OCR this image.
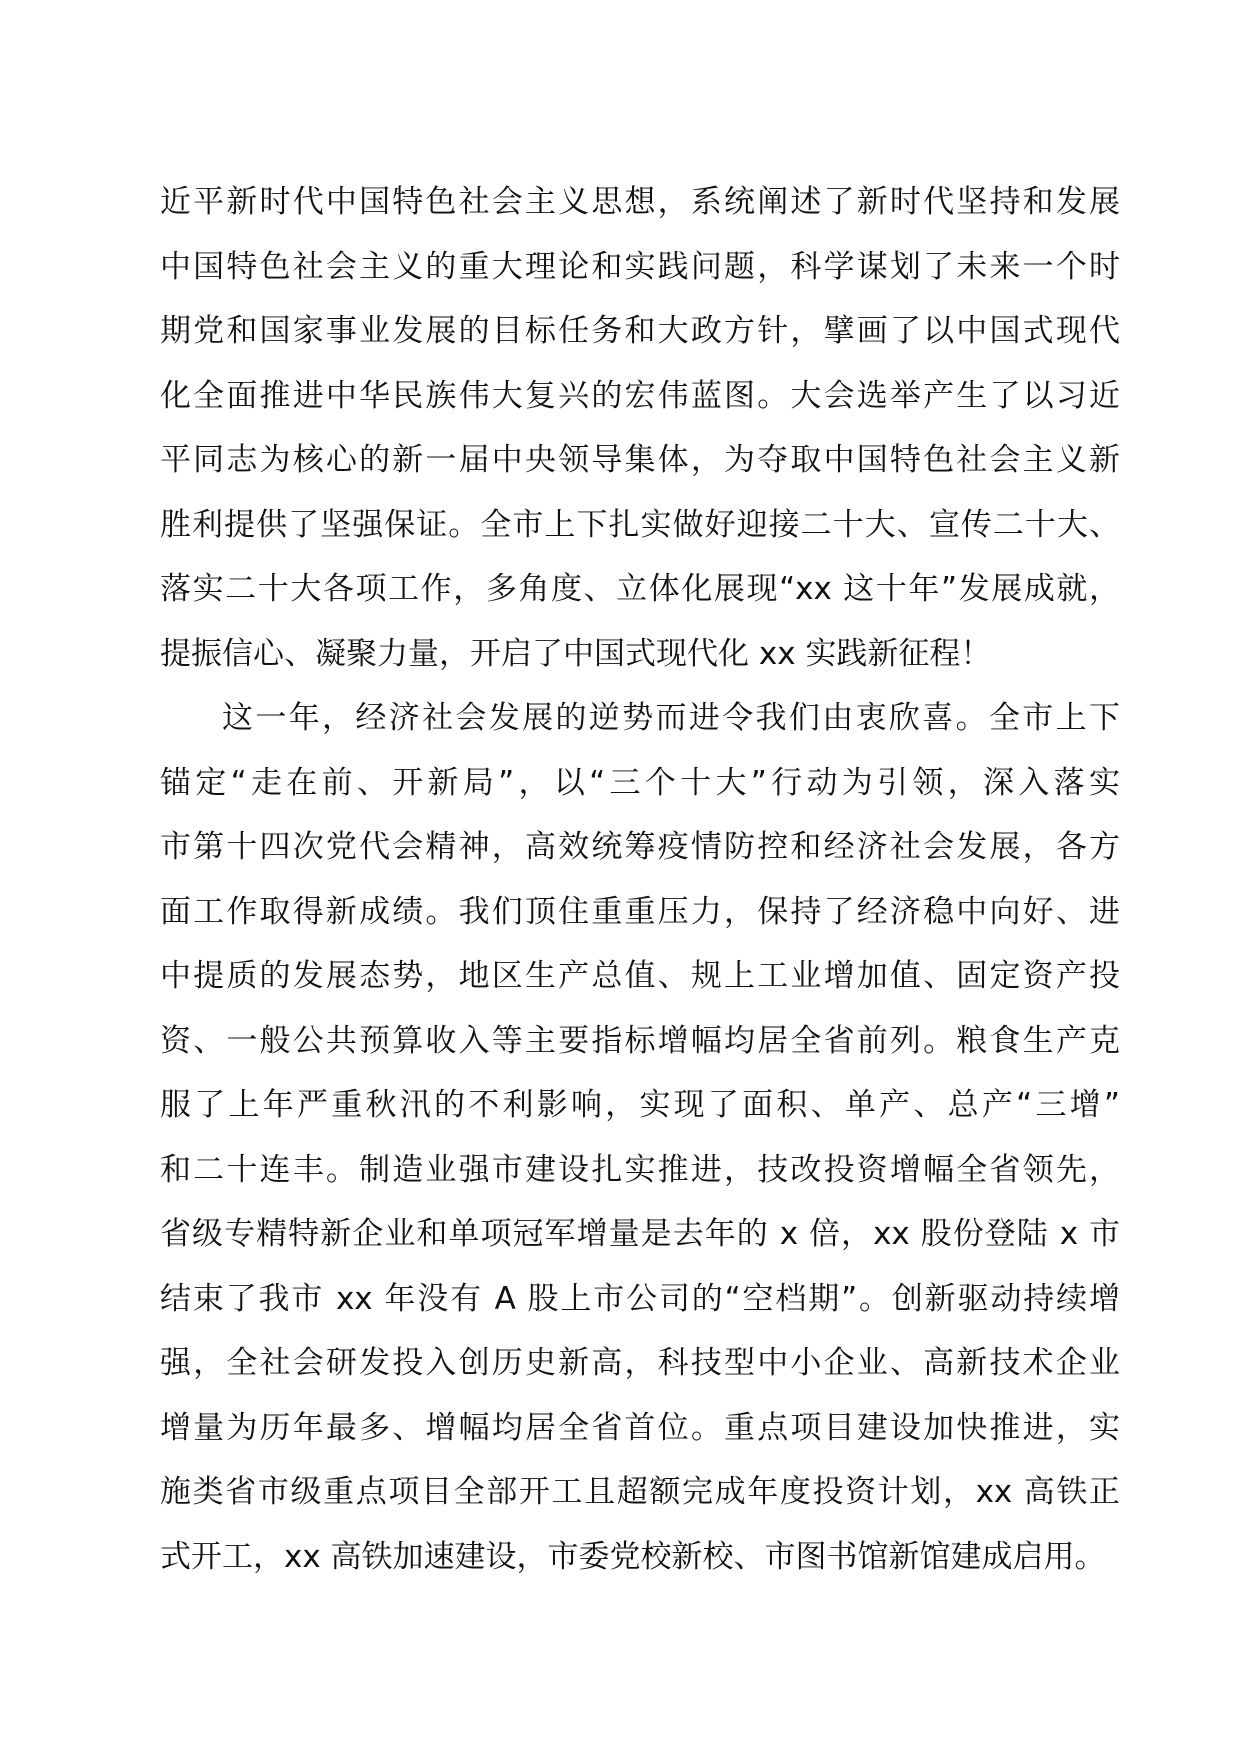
近平新时代中国特色社会主义思想，系统阐述了新时代坚持和发展
中国特色社会主义的重大理论和实践问题，科学谋划了未来一个时
期党和国家事业发展的目标任务和大政方针，擘画了以中国式现代
化全面推进中华民族伟大复兴的宏伟蓝图。大会选举产生了以习近
平同志为核心的新一届中央领导集体，为夺取中国特色社会主义新
胜利提供了坚强保证。全市上下扎实做好迎接二十大、宣传二十大、
落实二十大各项工作，多角度、立体化展现“xx 这十年”发展成就，
提振信心、凝聚力量，开启了中国式现代化 xx 实践新征程！
这一年，经济社会发展的逆势而进令我们由衷欣喜。全市上下
锚定“走在前、开新局”，以“三个十大”行动为引领，深入落实
市第十四次党代会精神，高效统筹疫情防控和经济社会发展，各方
面工作取得新成绩。我们顶住重重压力，保持了经济稳中向好、进
中提质的发展态势，地区生产总值、规上工业增加值、固定资产投
资、一般公共预算收入等主要指标增幅均居全省前列。粮食生产克
服了上年严重秋汛的不利影响，实现了面积、单产、总产“三增”
和二十连丰。制造业强市建设扎实推进，技改投资增幅全省领先，
省级专精特新企业和单项冠军增量是去年的 x 倍，xx 股份登陆 x 市
结束了我市 xx 年没有 A 股上市公司的“空档期”。创新驱动持续增
强，全社会研发投入创历史新高，科技型中小企业、高新技术企业
增量为历年最多、增幅均居全省首位。重点项目建设加快推进，实
施类省市级重点项目全部开工且超额完成年度投资计划，xx 高铁正
式开工，xx 高铁加速建设，市委党校新校、市图书馆新馆建成启用。
